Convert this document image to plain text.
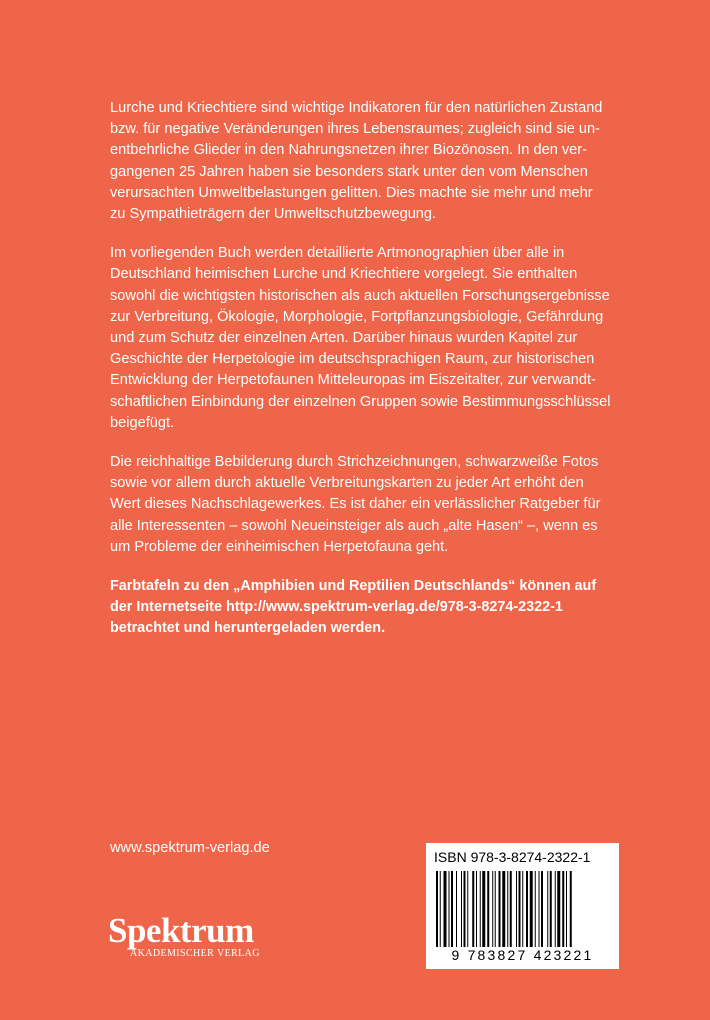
Lurche und Kriechtiere sind wichtige Indikatoren für den natürlichen Zustand
bzw. für negative Veränderungen ihres Lebensraumes; zugleich sind sie un-
entbehrliche Glieder in den Nahrungsnetzen ihrer Biozönosen. In den ver-
gangenen 25 Jahren haben sie besonders stark unter den vom Menschen
verursachten Umweltbelastungen gelitten. Dies machte sie mehr und mehr
zu Sympathieträgern der Umweltschutzbewegung.

Im vorliegenden Buch werden detaillierte Artmonographien über alle in
Deutschland heimischen Lurche und Kriechtiere vorgelegt. Sie enthalten
sowohl die wichtigsten historischen als auch aktuellen Forschungsergebnisse
zur Verbreitung, Ökologie, Morphologie, Fortpflanzungsbiologie, Gefährdung
und zum Schutz der einzelnen Arten. Darüber hinaus wurden Kapitel zur
Geschichte der Herpetologie im deutschsprachigen Raum, zur historischen
Entwicklung der Herpetofaunen Mitteleuropas im Eiszeitalter, zur verwandt-
schaftlichen Einbindung der einzelnen Gruppen sowie Bestimmungsschlüssel
beigefügt.

Die reichhaltige Bebilderung durch Strichzeichnungen, schwarzweiße Fotos
sowie vor allem durch aktuelle Verbreitungskarten zu jeder Art erhöht den
Wert dieses Nachschlagewerkes. Es ist daher ein verlässlicher Ratgeber für
alle Interessenten – sowohl Neueinsteiger als auch „alte Hasen“ –, wenn es
um Probleme der einheimischen Herpetofauna geht.

Farbtafeln zu den „Amphibien und Reptilien Deutschlands“ können auf
der Internetseite http://www.spektrum-verlag.de/978-3-8274-2322-1
betrachtet und heruntergeladen werden.

www.spektrum-verlag.de
Spektrum
AKADEMISCHER VERLAG
ISBN 978-3-8274-2322-1
9 783827 423221
